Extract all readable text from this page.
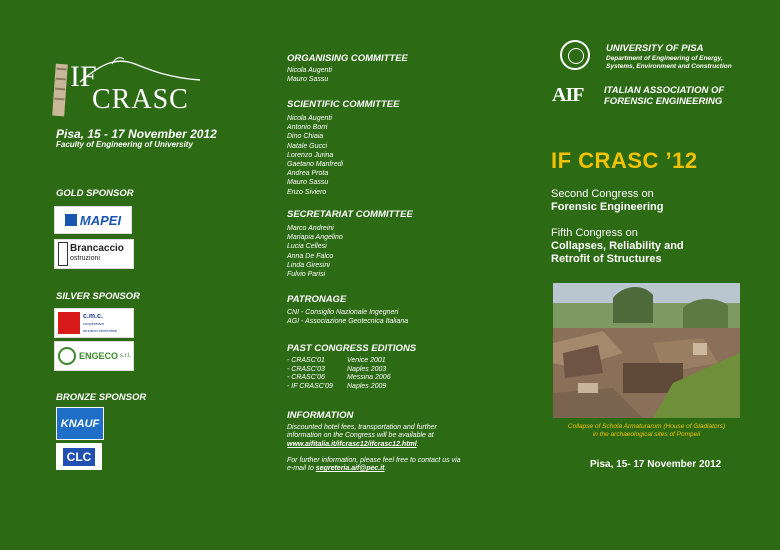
IF
CRASC
Pisa, 15 - 17 November 2012
Faculty of Engineering of University
GOLD SPONSOR
MAPEI
Brancaccio
ostruzioni
SILVER SPONSOR
c.m.c.
cooperativa muratori cementisti
ENGECO s.r.l.
BRONZE SPONSOR
KNAUF
CLC
ORGANISING COMMITTEE
Nicola Augenti
Mauro Sassu
SCIENTIFIC COMMITTEE
Nicola Augenti
Antonio Borri
Dino Chiaia
Natale Gucci
Lorenzo Jurina
Gaetano Manfredi
Andrea Prota
Mauro Sassu
Enzo Siviero
SECRETARIAT COMMITTEE
Marco Andreini
Mariapia Angelino
Lucia Cellesi
Anna De Falco
Linda Giresini
Fulvio Parisi
PATRONAGE
CNI - Consiglio Nazionale Ingegneri
AGI - Associazione Geotecnica Italiana
PAST CONGRESS EDITIONS
- CRASC'01	Venice 2001
- CRASC'03	Naples 2003
- CRASC'06	Messina 2006
- IF CRASC'09	Naples 2009
INFORMATION
Discounted hotel fees, transportation and further information on the Congress will be available at www.aifitalia.it/ifcrasc12/ifcrasc12.html.
For further information, please feel free to contact us via e-mail to segreteria.aif@pec.it.
UNIVERSITY OF PISA
Department of Engineering of Energy,
Systems, Environment and Construction
AIF ITALIAN ASSOCIATION OF
FORENSIC ENGINEERING
IF CRASC ’12
Second Congress on
Forensic Engineering
Fifth Congress on
Collapses, Reliability and
Retrofit of Structures
Collapse of Schola Armaturarum (House of Gladiators)
in the archaeological sites of Pompeii
Pisa, 15- 17 November 2012
